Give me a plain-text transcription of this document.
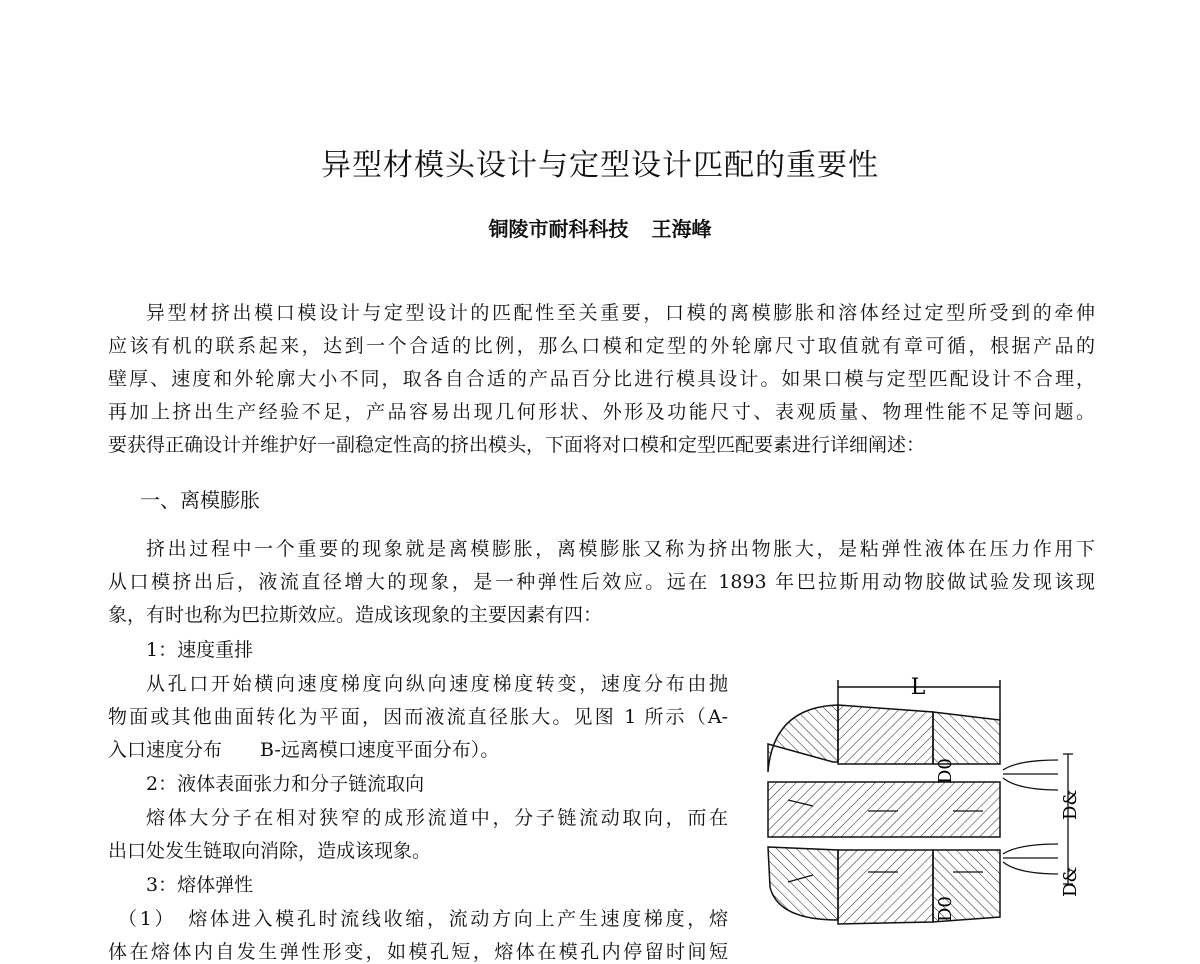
异型材模头设计与定型设计匹配的重要性
铜陵市耐科科技 王海峰
异型材挤出模口模设计与定型设计的匹配性至关重要，口模的离模膨胀和溶体经过定型所受到的牵伸
应该有机的联系起来，达到一个合适的比例，那么口模和定型的外轮廓尺寸取值就有章可循，根据产品的
壁厚、速度和外轮廓大小不同，取各自合适的产品百分比进行模具设计。如果口模与定型匹配设计不合理，
再加上挤出生产经验不足，产品容易出现几何形状、外形及功能尺寸、表观质量、物理性能不足等问题。
要获得正确设计并维护好一副稳定性高的挤出模头，下面将对口模和定型匹配要素进行详细阐述：
一、离模膨胀
挤出过程中一个重要的现象就是离模膨胀，离模膨胀又称为挤出物胀大，是粘弹性液体在压力作用下
从口模挤出后，液流直径增大的现象，是一种弹性后效应。远在 1893 年巴拉斯用动物胶做试验发现该现
象，有时也称为巴拉斯效应。造成该现象的主要因素有四：
1：速度重排
从孔口开始横向速度梯度向纵向速度梯度转变，速度分布由抛
物面或其他曲面转化为平面，因而液流直径胀大。见图 1 所示（A-
入口速度分布　　B-远离模口速度平面分布）。
2：液体表面张力和分子链流取向
熔体大分子在相对狭窄的成形流道中，分子链流动取向，而在
出口处发生链取向消除，造成该现象。
3：熔体弹性
（1）　熔体进入模孔时流线收缩，流动方向上产生速度梯度，熔
体在熔体内自发生弹性形变，如模孔短，熔体在模孔内停留时间短
L
D0
D0
D&
D&
